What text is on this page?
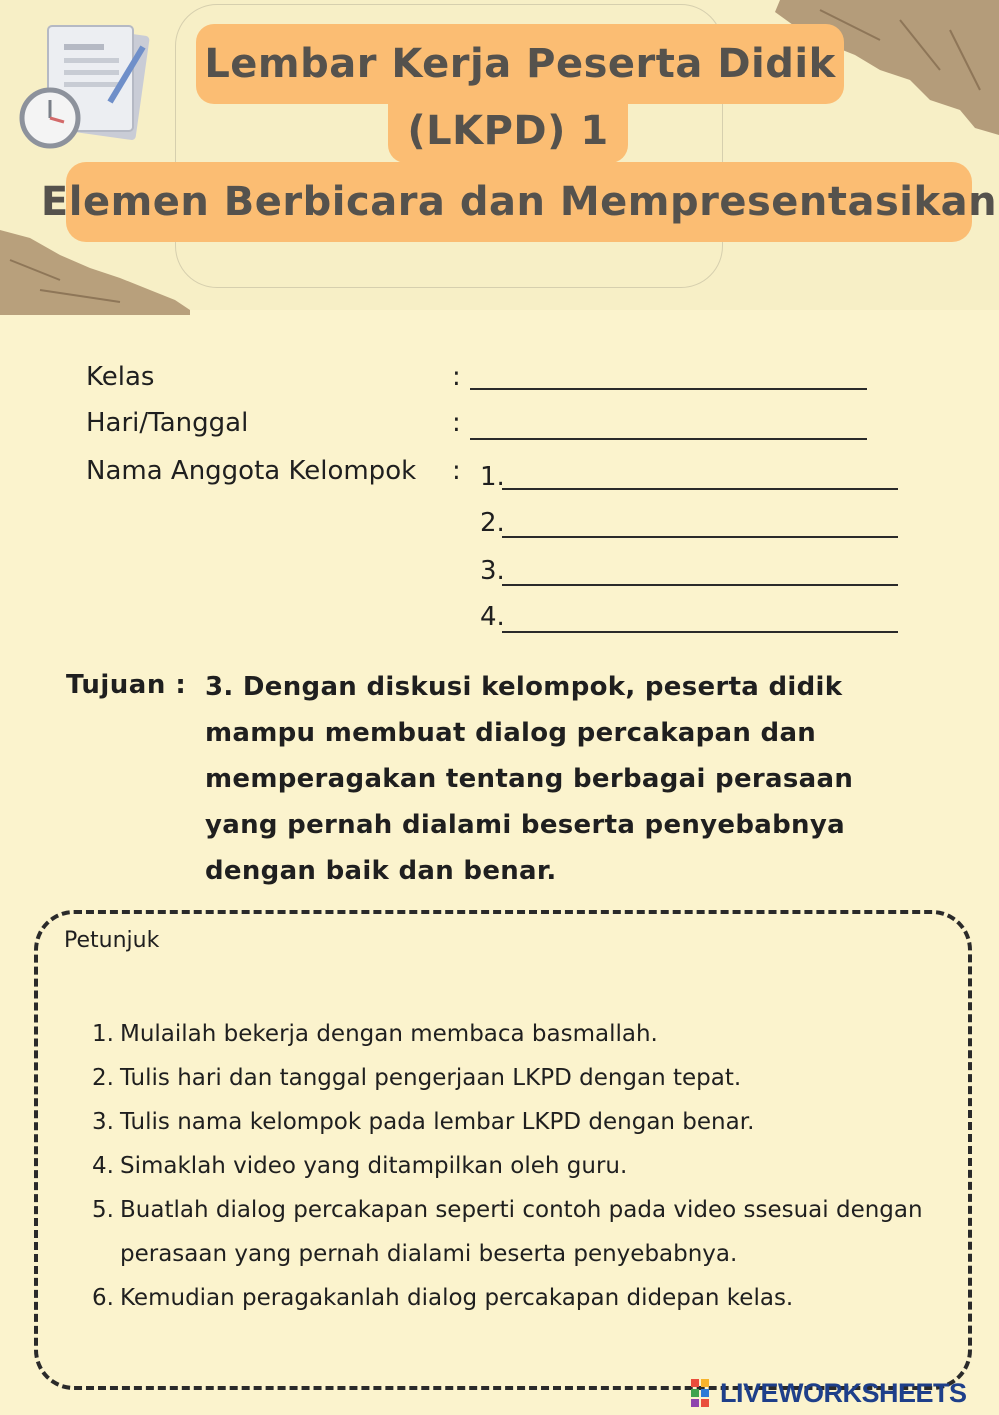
Lembar Kerja Peserta Didik
(LKPD) 1
Elemen Berbicara dan Mempresentasikan
Kelas	:
Hari/Tanggal	:
Nama Anggota Kelompok : 1.
2.
3.
4.
Tujuan : 3. Dengan diskusi kelompok, peserta didik mampu membuat dialog percakapan dan memperagakan tentang berbagai perasaan yang pernah dialami beserta penyebabnya dengan baik dan benar.
Petunjuk
1. Mulailah bekerja dengan membaca basmallah.
2. Tulis hari dan tanggal pengerjaan LKPD dengan tepat.
3. Tulis nama kelompok pada lembar LKPD dengan benar.
4. Simaklah video yang ditampilkan oleh guru.
5. Buatlah dialog percakapan seperti contoh pada video ssesuai dengan perasaan yang pernah dialami beserta penyebabnya.
6. Kemudian peragakanlah dialog percakapan didepan kelas.
LIVEWORKSHEETS
